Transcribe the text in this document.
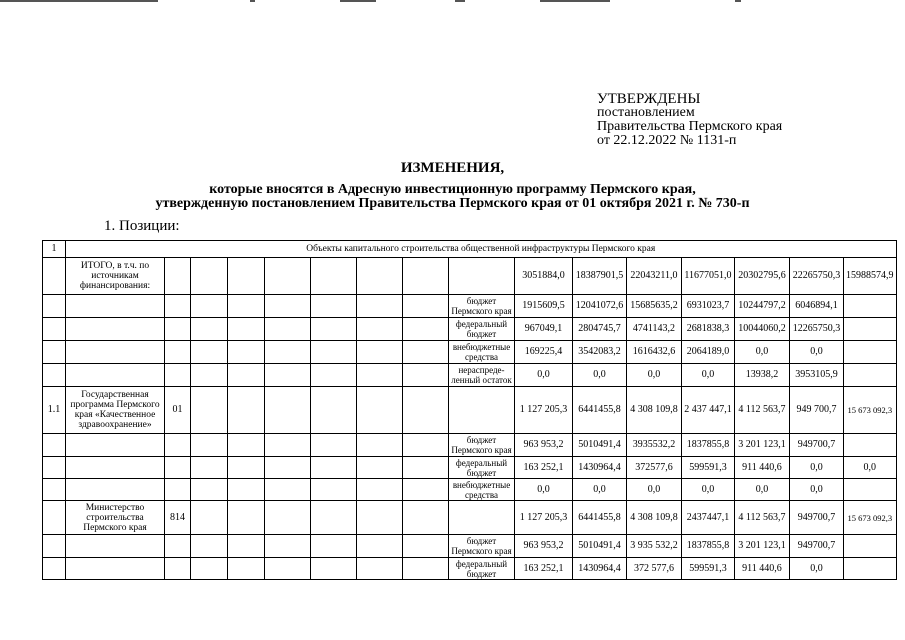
УТВЕРЖДЕНЫ
постановлением
Правительства Пермского края
от 22.12.2022 № 1131-п
ИЗМЕНЕНИЯ,
которые вносятся в Адресную инвестиционную программу Пермского края,
утвержденную постановлением Правительства Пермского края от 01 октября 2021 г. № 730-п
1. Позиции:
1	Объекты капитального строительства общественной инфраструктуры Пермского края															
	ИТОГО, в т.ч. по источникам финансирования:									3051884,0	18387901,5	22043211,0	11677051,0	20302795,6	22265750,3	15988574,9

									бюджет Пермского края	1915609,5	12041072,6	15685635,2	6931023,7	10244797,2	6046894,1	

									федеральный бюджет	967049,1	2804745,7	4741143,2	2681838,3	10044060,2	12265750,3	

									внебюджетные средства	169225,4	3542083,2	1616432,6	2064189,0	0,0	0,0	

									нераспреде-ленный остаток	0,0	0,0	0,0	0,0	13938,2	3953105,9	

1.1	Государственная программа Пермского края «Качественное здравоохранение»	01								1 127 205,3	6441455,8	4 308 109,8	2 437 447,1	4 112 563,7	949 700,7	15 673 092,3

									бюджет Пермского края	963 953,2	5010491,4	3935532,2	1837855,8	3 201 123,1	949700,7	

									федеральный бюджет	163 252,1	1430964,4	372577,6	599591,3	911 440,6	0,0	0,0

									внебюджетные средства	0,0	0,0	0,0	0,0	0,0	0,0	

	Министерство строительства Пермского края	814								1 127 205,3	6441455,8	4 308 109,8	2437447,1	4 112 563,7	949700,7	15 673 092,3

									бюджет Пермского края	963 953,2	5010491,4	3 935 532,2	1837855,8	3 201 123,1	949700,7	

									федеральный бюджет	163 252,1	1430964,4	372 577,6	599591,3	911 440,6	0,0	
